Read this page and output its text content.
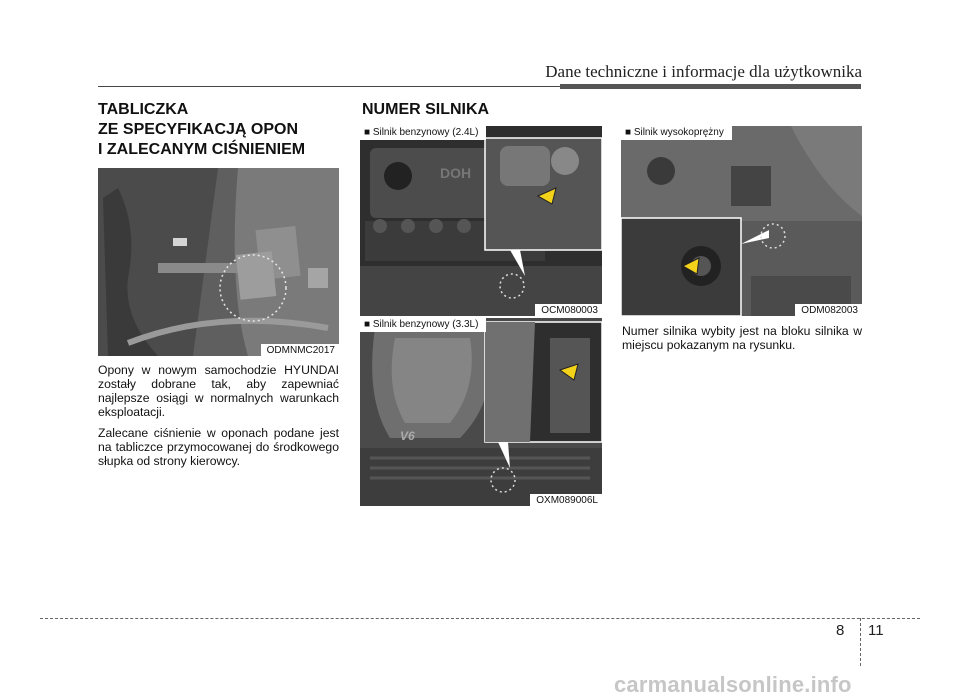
Dane techniczne i informacje dla użytkownika
TABLICZKA
ZE SPECYFIKACJĄ OPON
I ZALECANYM CIŚNIENIEM
ODMNMC2017

Opony w nowym samochodzie HYUNDAI zostały dobrane tak, aby zapewniać najlepsze osiągi w normalnych warunkach eksploatacji.

Zalecane ciśnienie w oponach podane jest na tabliczce przymocowanej do środkowego słupka od strony kierowcy.

NUMER SILNIKA
DOH
■ Silnik benzynowy (2.4L)
OCM080003
V6
■ Silnik benzynowy (3.3L)
OXM089006L
■ Silnik wysokoprężny
ODM082003

Numer silnika wybity jest na bloku silnika w miejscu pokazanym na rysunku.

8 11
carmanualsonline.info
